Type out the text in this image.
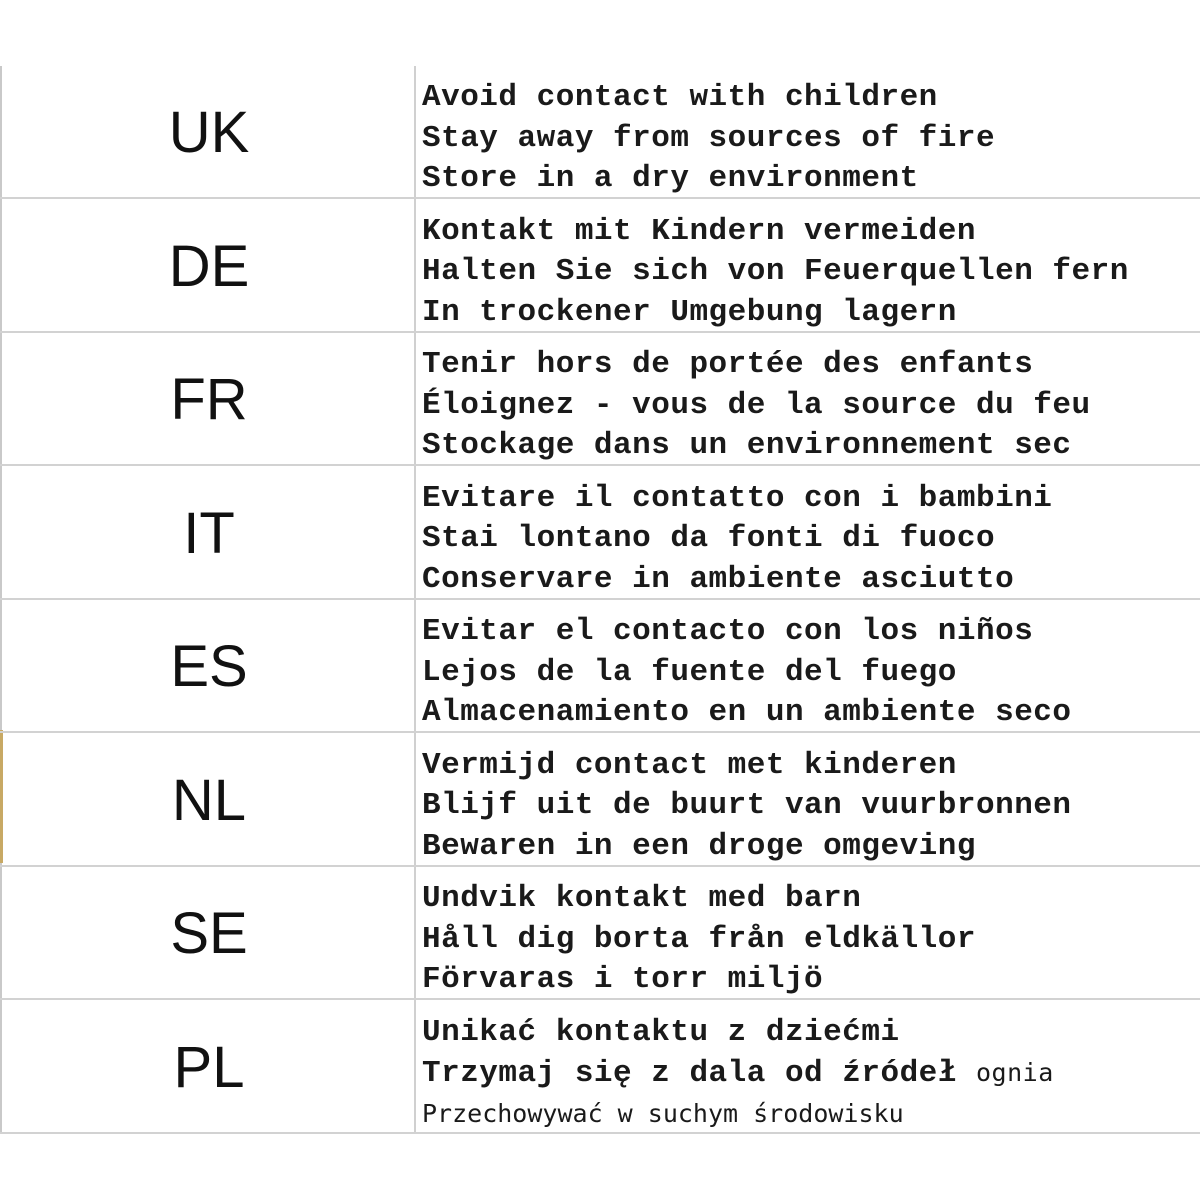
UK
Avoid contact with children
Stay away from sources of fire
Store in a dry environment
DE
Kontakt mit Kindern vermeiden
Halten Sie sich von Feuerquellen fern
In trockener Umgebung lagern
FR
Tenir hors de portée des enfants
Éloignez - vous de la source du feu
Stockage dans un environnement sec
IT
Evitare il contatto con i bambini
Stai lontano da fonti di fuoco
Conservare in ambiente asciutto
ES
Evitar el contacto con los niños
Lejos de la fuente del fuego
Almacenamiento en un ambiente seco
NL
Vermijd contact met kinderen
Blijf uit de buurt van vuurbronnen
Bewaren in een droge omgeving
SE
Undvik kontakt med barn
Håll dig borta från eldkällor
Förvaras i torr miljö
PL
Unikać kontaktu z dziećmi
Trzymaj się z dala od źródeł ognia
Przechowywać w suchym środowisku
